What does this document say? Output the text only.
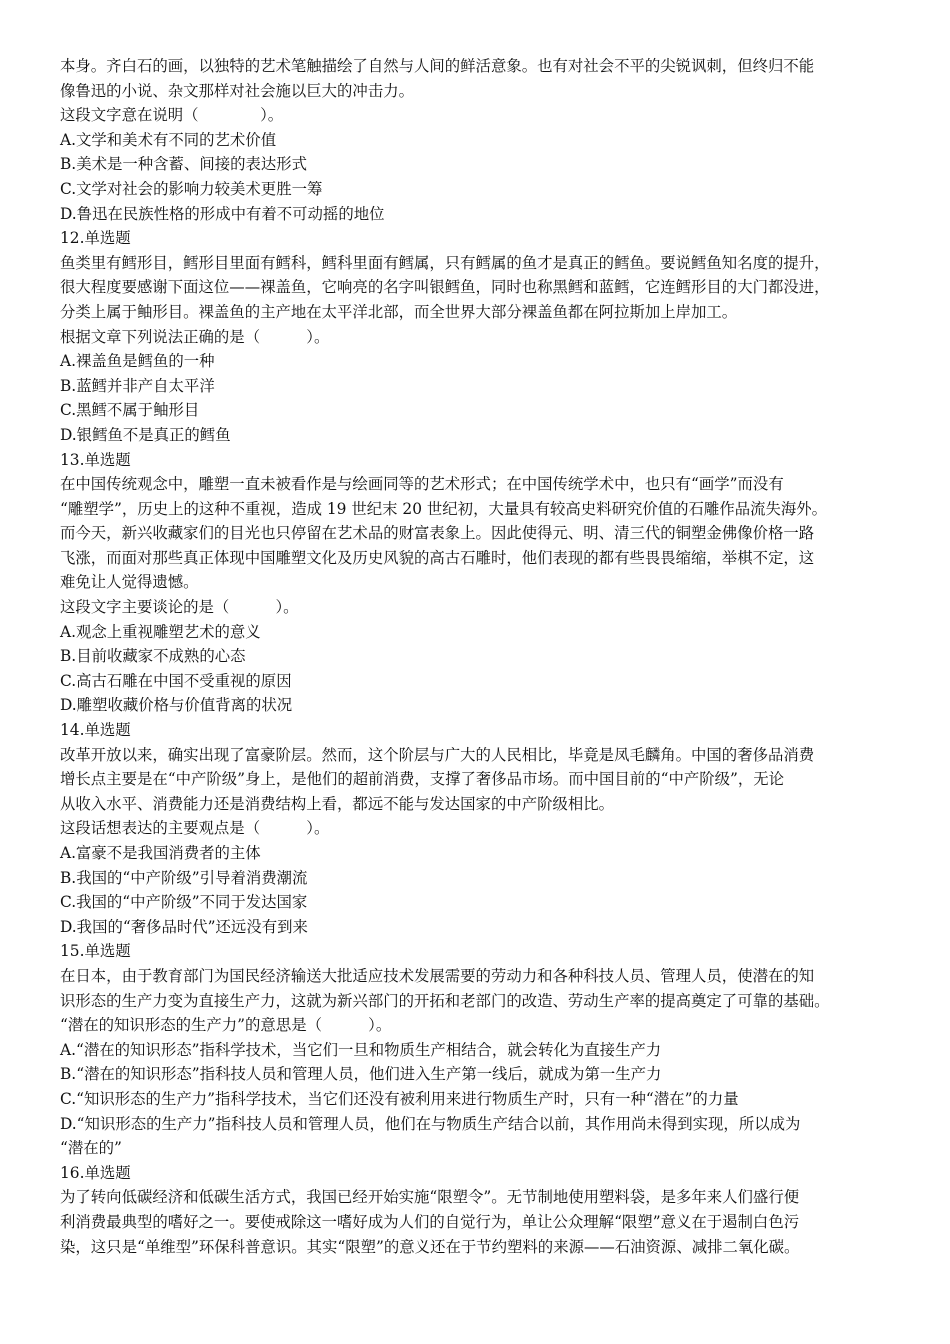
本身。齐白石的画，以独特的艺术笔触描绘了自然与人间的鲜活意象。也有对社会不平的尖锐讽刺，但终归不能
像鲁迅的小说、杂文那样对社会施以巨大的冲击力。
这段文字意在说明（　　　　）。
A.文学和美术有不同的艺术价值
B.美术是一种含蓄、间接的表达形式
C.文学对社会的影响力较美术更胜一筹
D.鲁迅在民族性格的形成中有着不可动摇的地位
12.单选题
鱼类里有鳕形目，鳕形目里面有鳕科，鳕科里面有鳕属，只有鳕属的鱼才是真正的鳕鱼。要说鳕鱼知名度的提升，
很大程度要感谢下面这位——裸盖鱼，它响亮的名字叫银鳕鱼，同时也称黑鳕和蓝鳕，它连鳕形目的大门都没进，
分类上属于鲉形目。裸盖鱼的主产地在太平洋北部，而全世界大部分裸盖鱼都在阿拉斯加上岸加工。
根据文章下列说法正确的是（　　　）。
A.裸盖鱼是鳕鱼的一种
B.蓝鳕并非产自太平洋
C.黑鳕不属于鲉形目
D.银鳕鱼不是真正的鳕鱼
13.单选题
在中国传统观念中，雕塑一直未被看作是与绘画同等的艺术形式；在中国传统学术中，也只有“画学”而没有
“雕塑学”，历史上的这种不重视，造成 19 世纪末 20 世纪初，大量具有较高史料研究价值的石雕作品流失海外。
而今天，新兴收藏家们的目光也只停留在艺术品的财富表象上。因此使得元、明、清三代的铜塑金佛像价格一路
飞涨，而面对那些真正体现中国雕塑文化及历史风貌的高古石雕时，他们表现的都有些畏畏缩缩，举棋不定，这
难免让人觉得遗憾。
这段文字主要谈论的是（　　　）。
A.观念上重视雕塑艺术的意义
B.目前收藏家不成熟的心态
C.高古石雕在中国不受重视的原因
D.雕塑收藏价格与价值背离的状况
14.单选题
改革开放以来，确实出现了富豪阶层。然而，这个阶层与广大的人民相比，毕竟是凤毛麟角。中国的奢侈品消费
增长点主要是在“中产阶级”身上，是他们的超前消费，支撑了奢侈品市场。而中国目前的“中产阶级”，无论
从收入水平、消费能力还是消费结构上看，都远不能与发达国家的中产阶级相比。
这段话想表达的主要观点是（　　　）。
A.富豪不是我国消费者的主体
B.我国的“中产阶级”引导着消费潮流
C.我国的“中产阶级”不同于发达国家
D.我国的“奢侈品时代”还远没有到来
15.单选题
在日本，由于教育部门为国民经济输送大批适应技术发展需要的劳动力和各种科技人员、管理人员，使潜在的知
识形态的生产力变为直接生产力，这就为新兴部门的开拓和老部门的改造、劳动生产率的提高奠定了可靠的基础。
“潜在的知识形态的生产力”的意思是（　　　）。
A.“潜在的知识形态”指科学技术，当它们一旦和物质生产相结合，就会转化为直接生产力
B.“潜在的知识形态”指科技人员和管理人员，他们进入生产第一线后，就成为第一生产力
C.“知识形态的生产力”指科学技术，当它们还没有被利用来进行物质生产时，只有一种“潜在”的力量
D.“知识形态的生产力”指科技人员和管理人员，他们在与物质生产结合以前，其作用尚未得到实现，所以成为
“潜在的”
16.单选题
为了转向低碳经济和低碳生活方式，我国已经开始实施“限塑令”。无节制地使用塑料袋，是多年来人们盛行便
利消费最典型的嗜好之一。要使戒除这一嗜好成为人们的自觉行为，单让公众理解“限塑”意义在于遏制白色污
染，这只是“单维型”环保科普意识。其实“限塑”的意义还在于节约塑料的来源——石油资源、减排二氧化碳。
